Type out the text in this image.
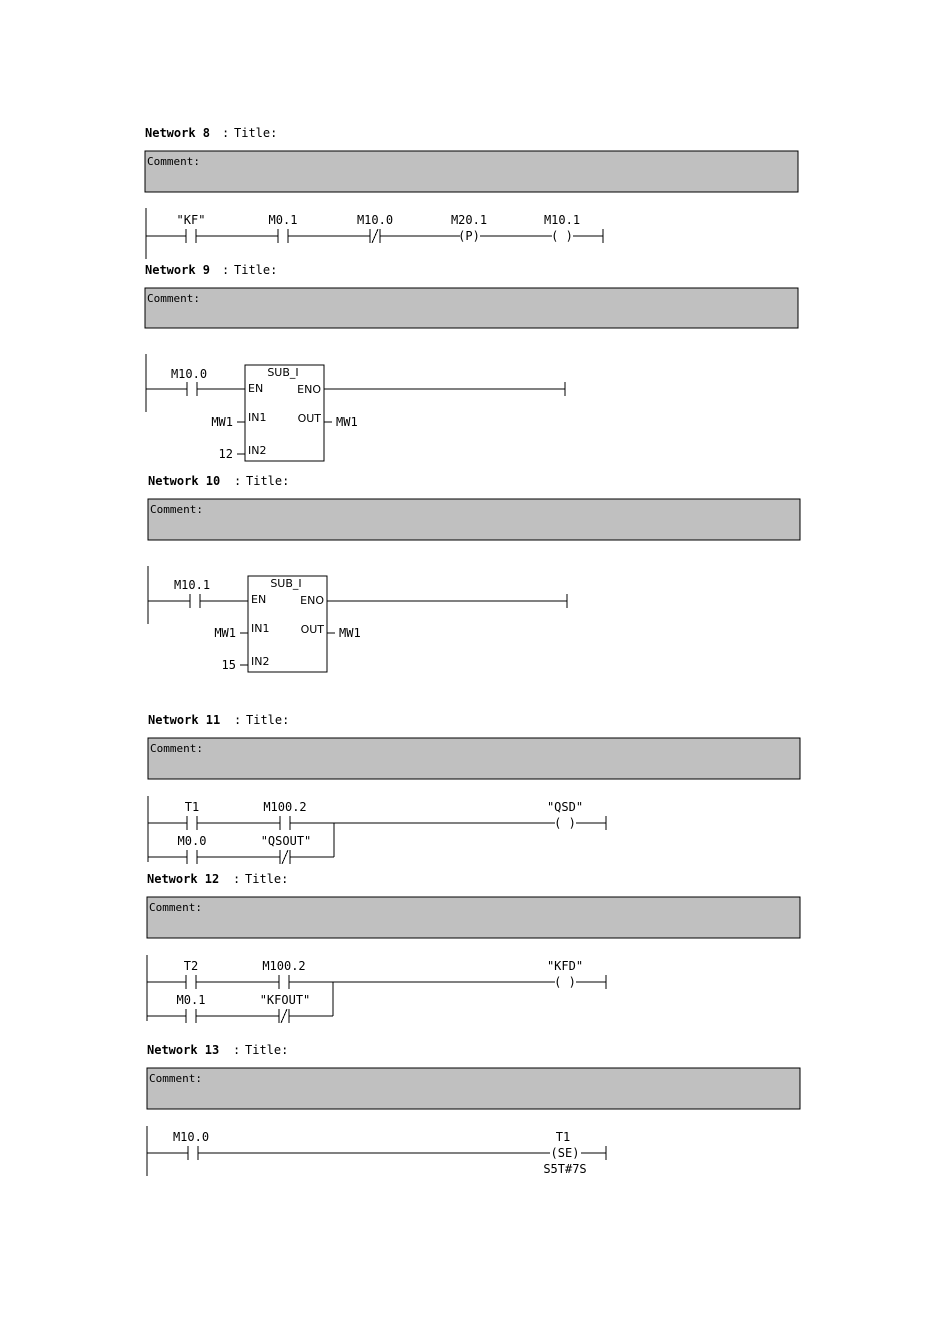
Network 8 : Title:
Comment:
"KF"	M0.1	M10.0
(P)
M20.1
( )
M10.1
Network 9 : Title:
Comment:
M10.0	SUB_I
EN	ENO
IN1	OUT
IN2
MW1
12
MW1
Network 10 : Title:
Comment:
M10.1	SUB_I
EN	ENO
IN1	OUT
IN2
MW1
15
MW1
Network 11 : Title:
Comment:
T1	M100.2
M0.0	"QSOUT"
( )
"QSD"
Network 12 : Title:
Comment:
T2	M100.2
M0.1	"KFOUT"
( )
"KFD"
Network 13 : Title:
Comment:
M10.0
(SE)
T1
S5T#7S
